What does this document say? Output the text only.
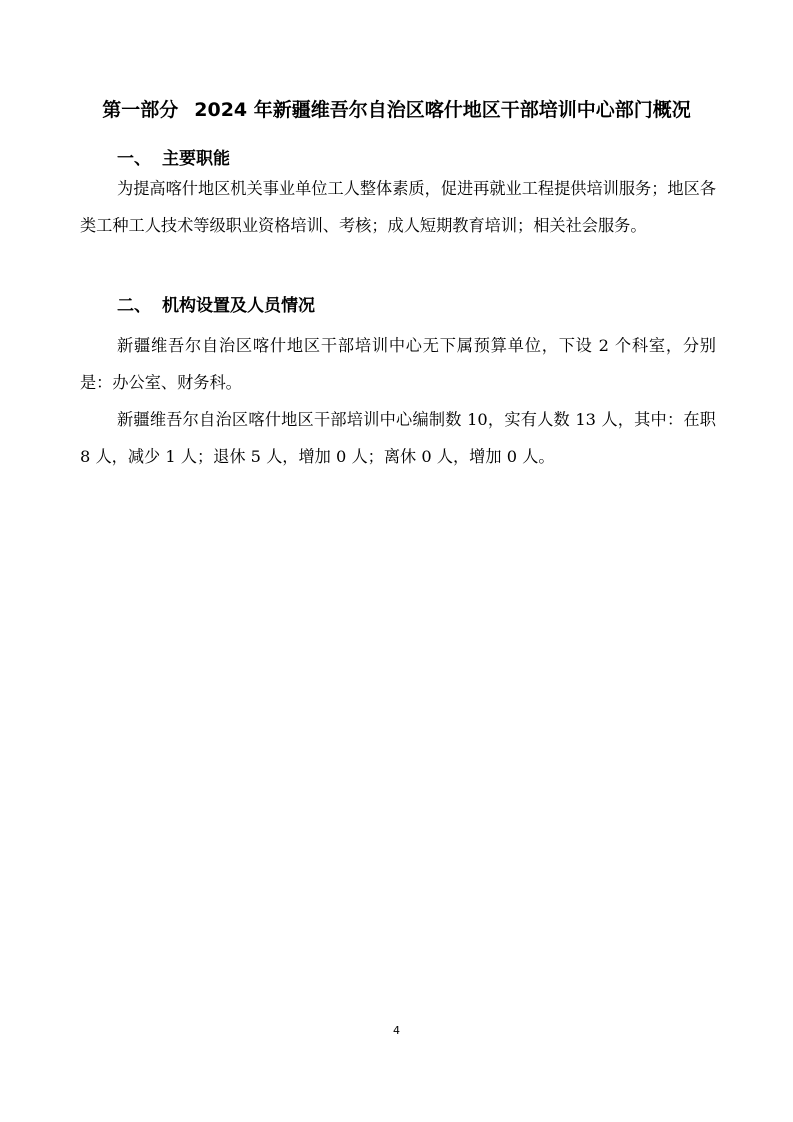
第一部分 2024 年新疆维吾尔自治区喀什地区干部培训中心部门概况
一、 主要职能

为提高喀什地区机关事业单位工人整体素质，促进再就业工程提供培训服务；地区各类工种工人技术等级职业资格培训、考核；成人短期教育培训；相关社会服务。

二、 机构设置及人员情况

新疆维吾尔自治区喀什地区干部培训中心无下属预算单位，下设 2 个科室，分别是：办公室、财务科。

新疆维吾尔自治区喀什地区干部培训中心编制数 10，实有人数 13 人，其中：在职 8 人，减少 1 人；退休 5 人，增加 0 人；离休 0 人，增加 0 人。

4
